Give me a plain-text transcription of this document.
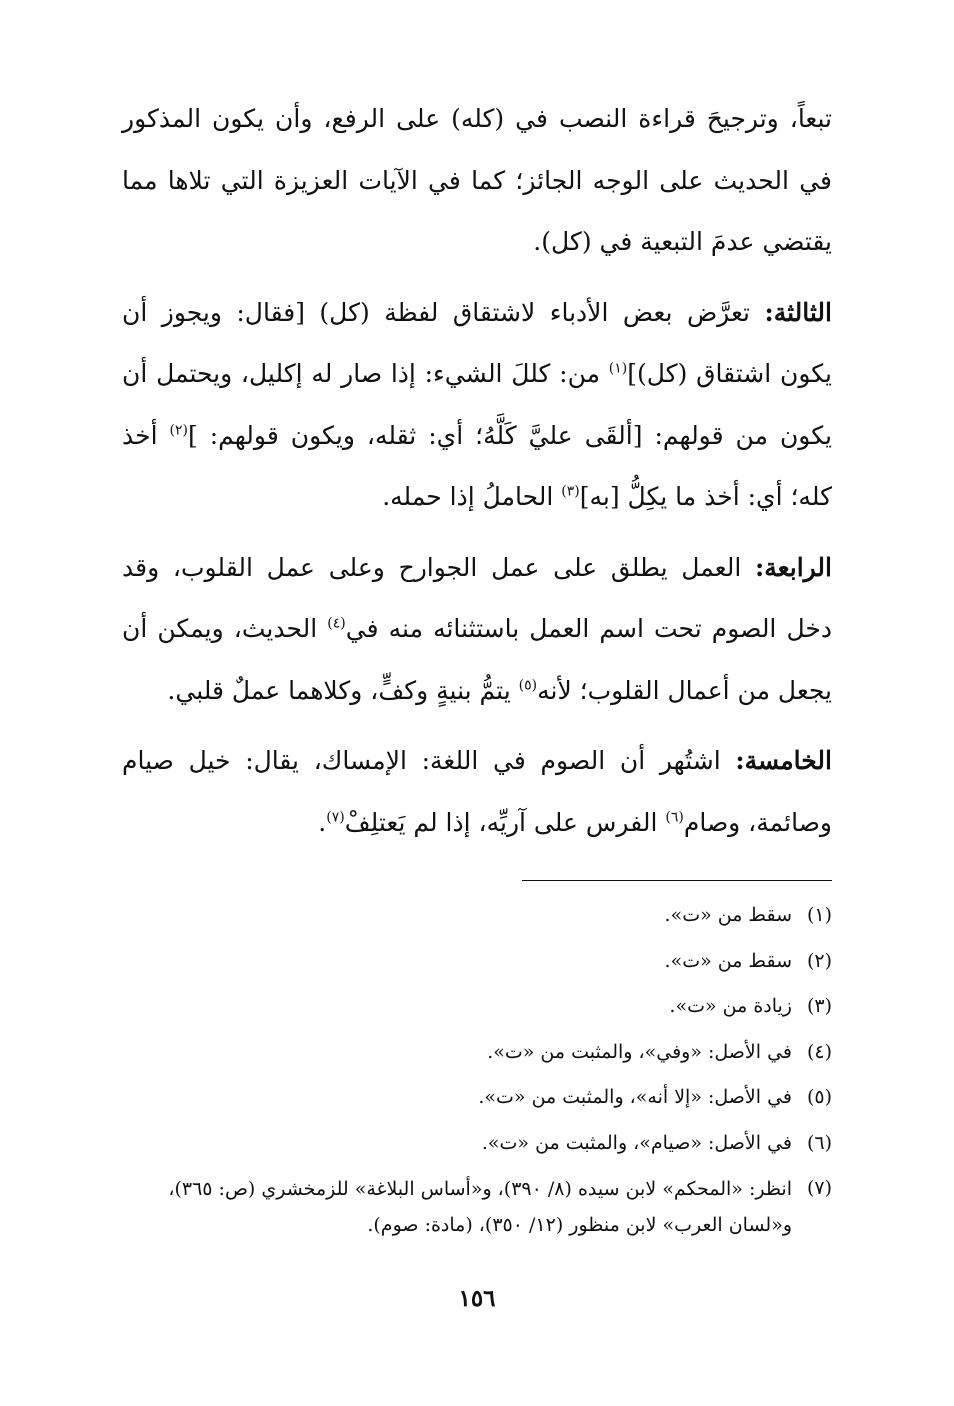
تبعاً، وترجيحَ قراءة النصب في (كله) على الرفع، وأن يكون المذكور في الحديث على الوجه الجائز؛ كما في الآيات العزيزة التي تلاها مما يقتضي عدمَ التبعية في (كل).

الثالثة: تعرَّض بعض الأدباء لاشتقاق لفظة (كل) [فقال: ويجوز أن يكون اشتقاق (كل)]$^{(١)}$ من: كللَ الشيء: إذا صار له إكليل، ويحتمل أن يكون من قولهم: [ألقَى عليَّ كَلَّهُ؛ أي: ثقله، ويكون قولهم: ]$^{(٢)}$ أخذ كله؛ أي: أخذ ما يكِلُّ [به]$^{(٣)}$ الحاملُ إذا حمله.

الرابعة: العمل يطلق على عمل الجوارح وعلى عمل القلوب، وقد دخل الصوم تحت اسم العمل باستثنائه منه في$^{(٤)}$ الحديث، ويمكن أن يجعل من أعمال القلوب؛ لأنه$^{(٥)}$ يتمُّ بنيةٍ وكفٍّ، وكلاهما عملٌ قلبي.

الخامسة: اشتُهر أن الصوم في اللغة: الإمساك، يقال: خيل صيام وصائمة، وصام$^{(٦)}$ الفرس على آريِّه، إذا لم يَعتلِفْ$^{(٧)}$.

(١)
سقط من «ت».

(٢)
سقط من «ت».

(٣)
زيادة من «ت».

(٤)
في الأصل: «وفي»، والمثبت من «ت».

(٥)
في الأصل: «إلا أنه»، والمثبت من «ت».

(٦)
في الأصل: «صيام»، والمثبت من «ت».

(٧)
انظر: «المحكم» لابن سيده (٨/ ٣٩٠)، و«أساس البلاغة» للزمخشري (ص: ٣٦٥)، و«لسان العرب» لابن منظور (١٢/ ٣٥٠)، (مادة: صوم).

١٥٦
